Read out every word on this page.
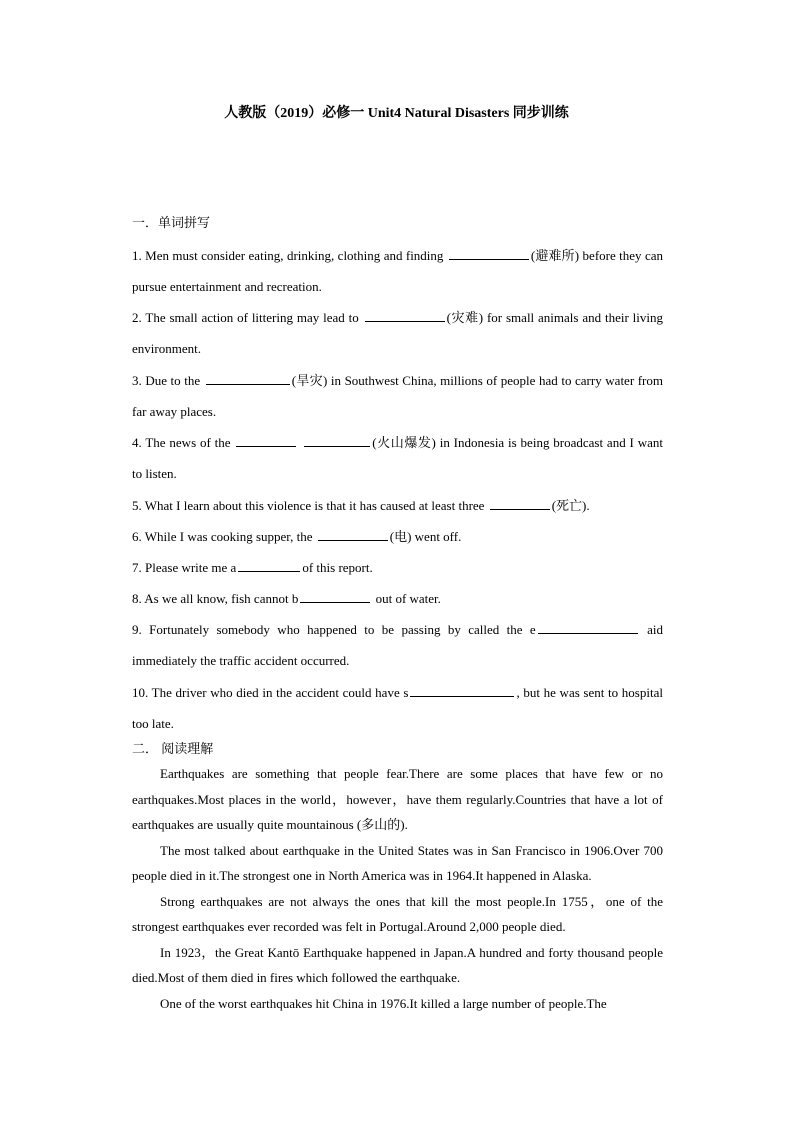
人教版（2019）必修一 Unit4 Natural Disasters 同步训练
一．单词拼写

1. Men must consider eating, drinking, clothing and finding	(避难所) before they can pursue entertainment and recreation.

2. The small action of littering may lead to	(灾难) for small animals and their living environment.

3. Due to the	(旱灾) in Southwest China, millions of people had to carry water from far away places.

4. The news of the	(火山爆发) in Indonesia is being broadcast and I want to listen.

5. What I learn about this violence is that it has caused at least three	(死亡).

6. While I was cooking supper, the	(电) went off.

7. Please write me a	of this report.

8. As we all know, fish cannot b	out of water.

9. Fortunately somebody who happened to be passing by called the e	aid immediately the traffic accident occurred.

10. The driver who died in the accident could have s	, but he was sent to hospital too late.

二． 阅读理解

Earthquakes are something that people fear.There are some places that have few or no earthquakes.Most places in the world，however，have them regularly.Countries that have a lot of earthquakes are usually quite mountainous (多山的).

The most talked about earthquake in the United States was in San Francisco in 1906.Over 700 people died in it.The strongest one in North America was in 1964.It happened in Alaska.

Strong earthquakes are not always the ones that kill the most people.In 1755，one of the strongest earthquakes ever recorded was felt in Portugal.Around 2,000 people died.

In 1923，the Great Kantō Earthquake happened in Japan.A hundred and forty thousand people died.Most of them died in fires which followed the earthquake.

One of the worst earthquakes hit China in 1976.It killed a large number of people.The
